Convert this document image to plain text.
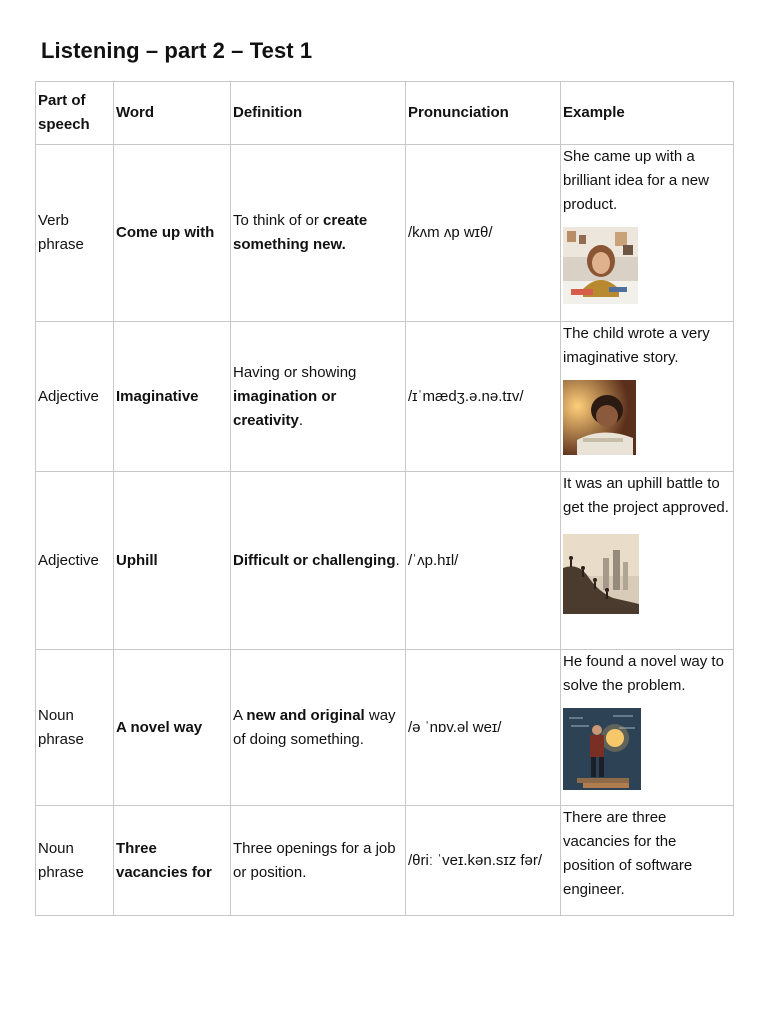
Listening – part 2 – Test 1
Part of speech	Word	Definition	Pronunciation	Example
Verb phrase	Come up with	To think of or create something new.	/kʌm ʌp wɪθ/	She came up with a brilliant idea for a new product.

Adjective	Imaginative	Having or showing imagination or creativity.	/ɪˈmædʒ.ə.nə.tɪv/	The child wrote a very imaginative story.

Adjective	Uphill	Difficult or challenging.	/ˈʌp.hɪl/	It was an uphill battle to get the project approved.

Noun phrase	A novel way	A new and original way of doing something.	/ə ˈnɒv.əl weɪ/	He found a novel way to solve the problem.

Noun phrase	Three vacancies for	Three openings for a job or position.	/θriː ˈveɪ.kən.sɪz fər/	There are three vacancies for the position of software engineer.
